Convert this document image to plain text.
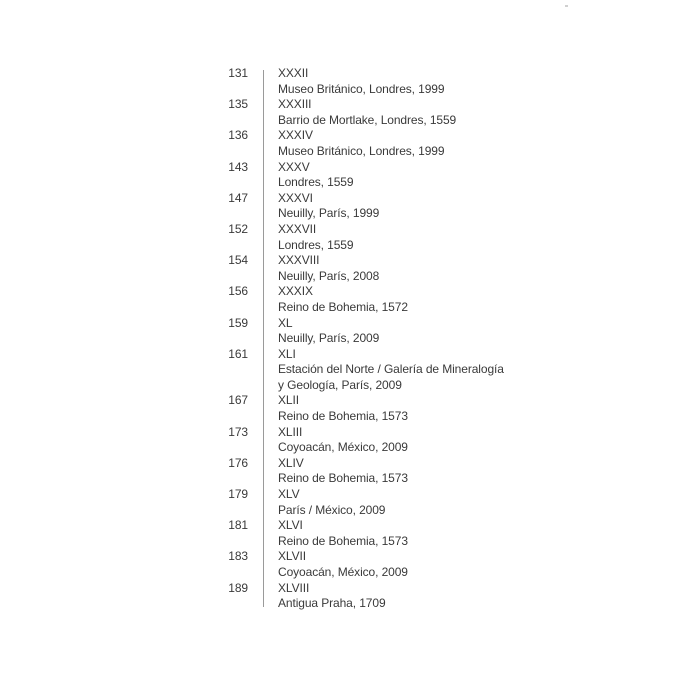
131	XXXII
Museo Británico, Londres, 1999
135	XXXIII
Barrio de Mortlake, Londres, 1559
136	XXXIV
Museo Británico, Londres, 1999
143	XXXV
Londres, 1559
147	XXXVI
Neuilly, París, 1999
152	XXXVII
Londres, 1559
154	XXXVIII
Neuilly, París, 2008
156	XXXIX
Reino de Bohemia, 1572
159	XL
Neuilly, París, 2009
161	XLI
Estación del Norte / Galería de Mineralogía
y Geología, París, 2009
167	XLII
Reino de Bohemia, 1573
173	XLIII
Coyoacán, México, 2009
176	XLIV
Reino de Bohemia, 1573
179	XLV
París / México, 2009
181	XLVI
Reino de Bohemia, 1573
183	XLVII
Coyoacán, México, 2009
189	XLVIII
Antigua Praha, 1709
